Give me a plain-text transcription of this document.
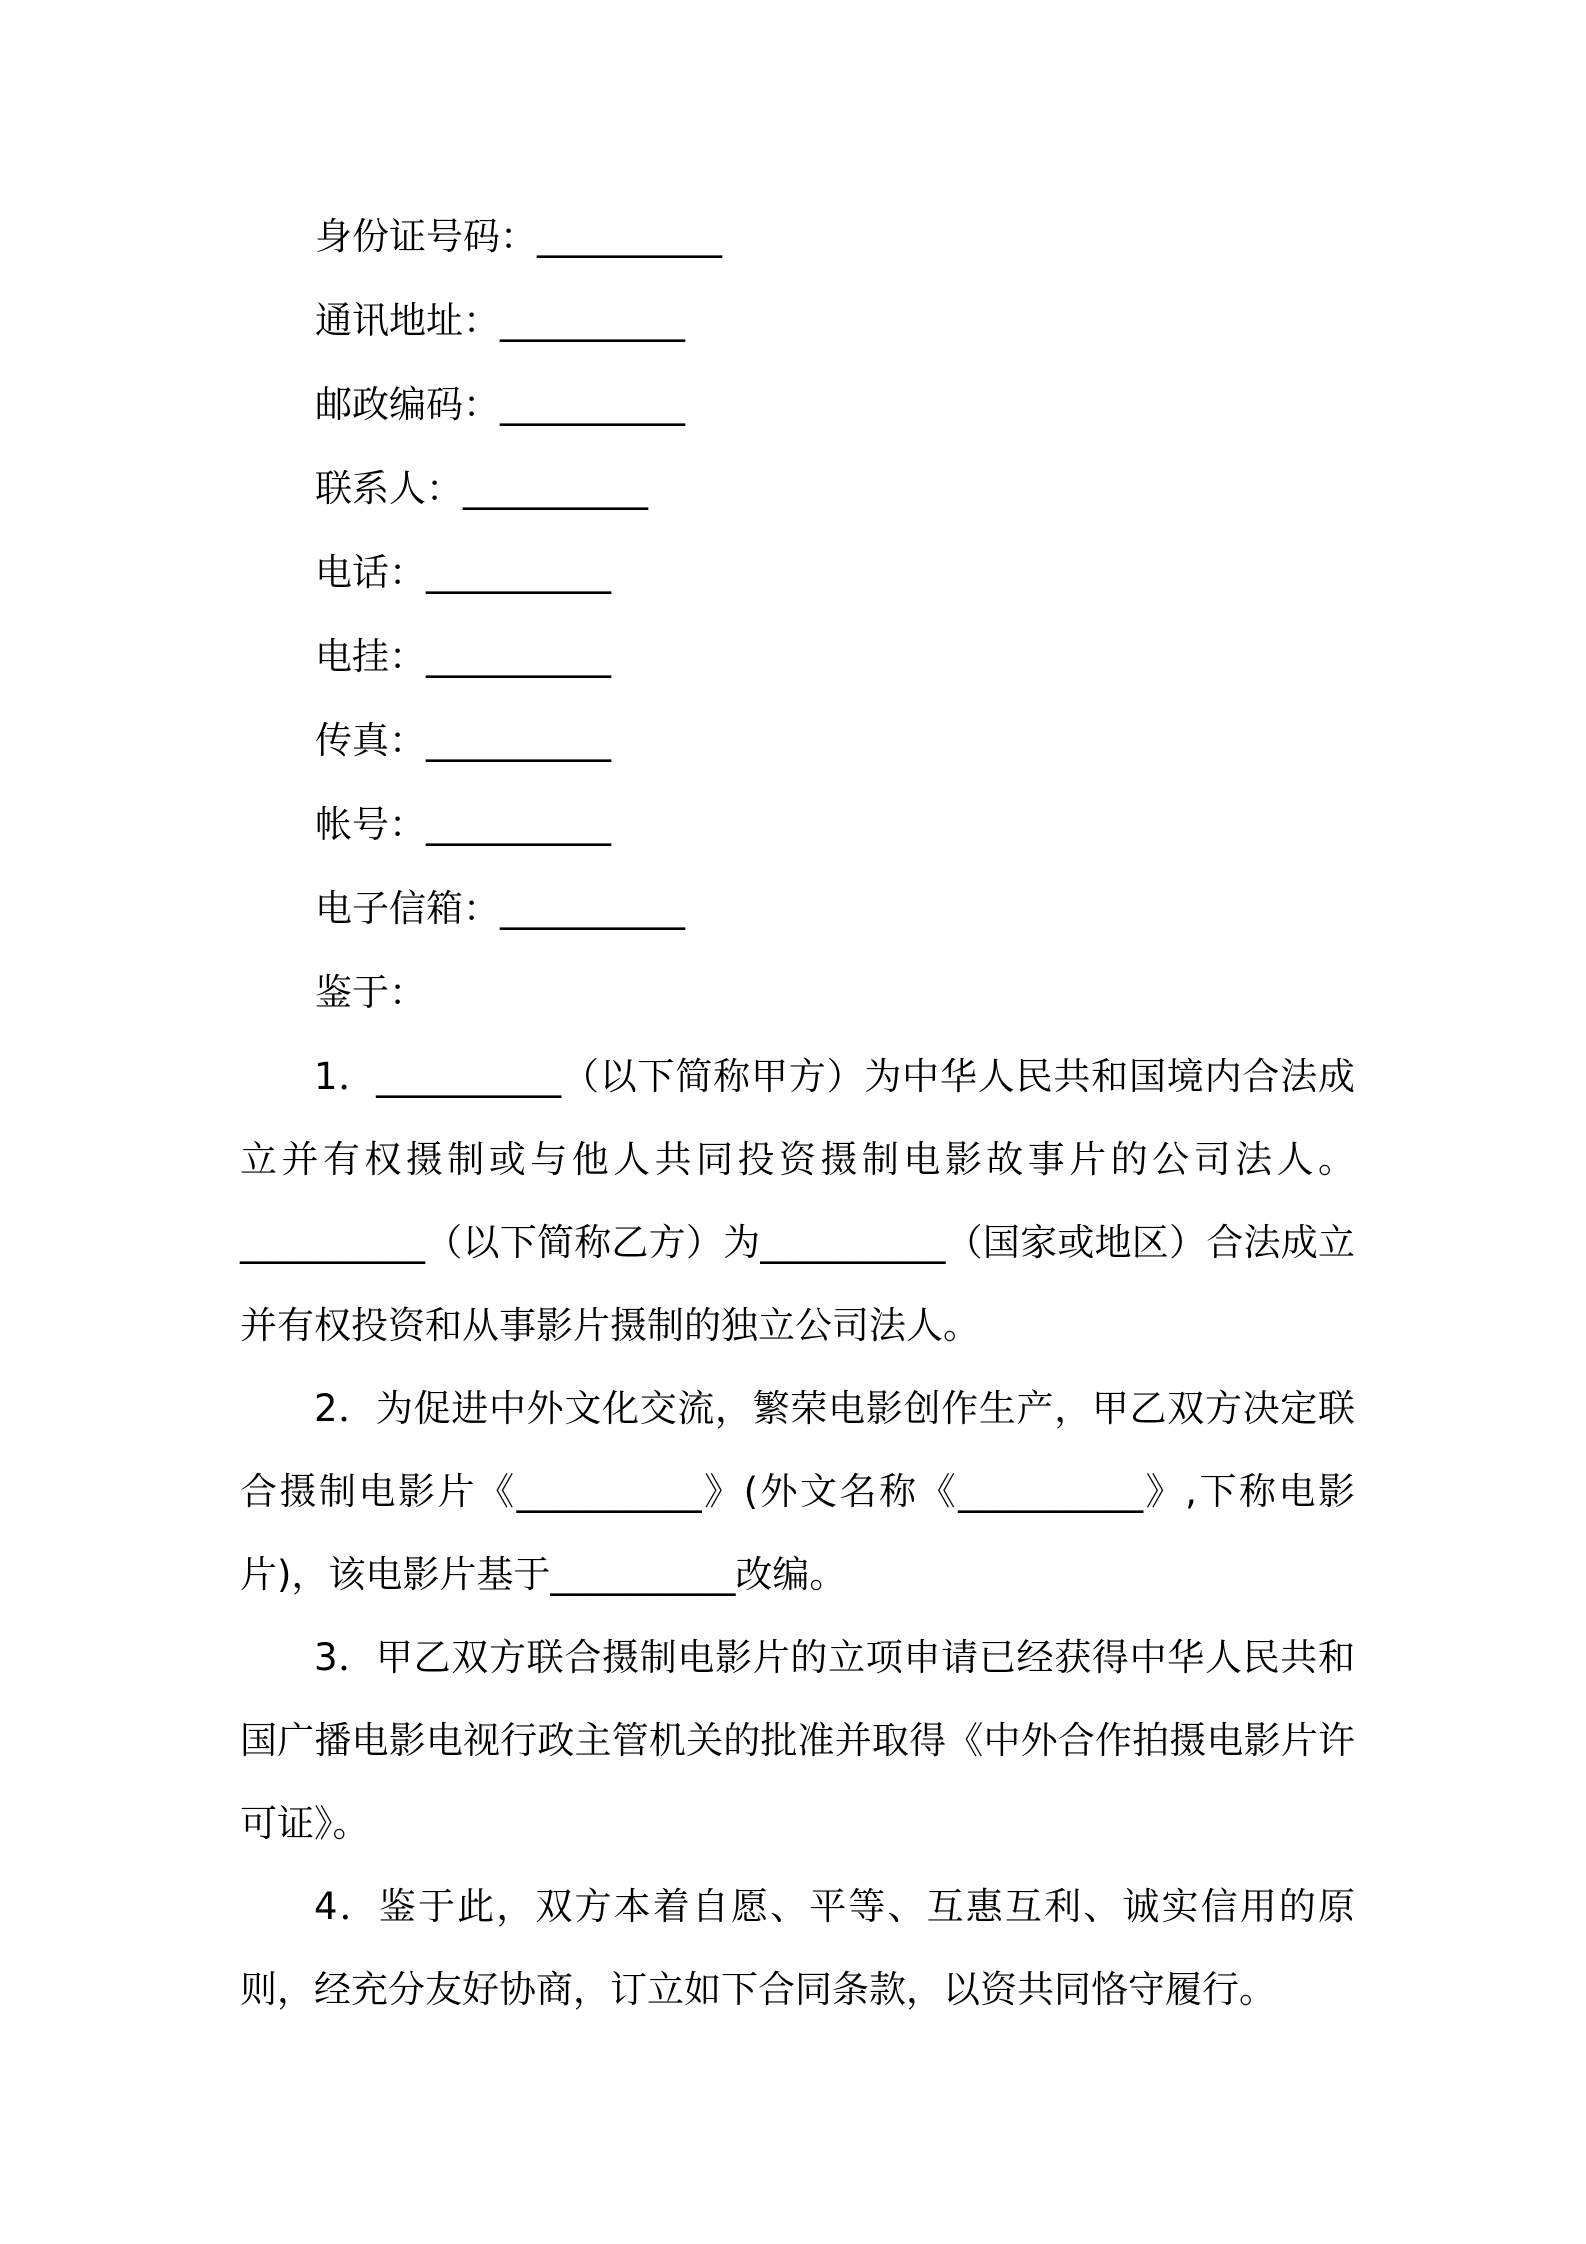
身份证号码：__________
通讯地址：__________
邮政编码：__________
联系人：__________
电话：__________
电挂：__________
传真：__________
帐号：__________
电子信箱：__________
鉴于：

1．__________（以下简称甲方）为中华人民共和国境内合法成立并有权摄制或与他人共同投资摄制电影故事片的公司法人。__________（以下简称乙方）为__________（国家或地区）合法成立并有权投资和从事影片摄制的独立公司法人。

2．为促进中外文化交流，繁荣电影创作生产，甲乙双方决定联合摄制电影片《__________》(外文名称《__________》,下称电影片)，该电影片基于__________改编。

3．甲乙双方联合摄制电影片的立项申请已经获得中华人民共和国广播电影电视行政主管机关的批准并取得《中外合作拍摄电影片许可证》。

4．鉴于此，双方本着自愿、平等、互惠互利、诚实信用的原则，经充分友好协商，订立如下合同条款，以资共同恪守履行。
